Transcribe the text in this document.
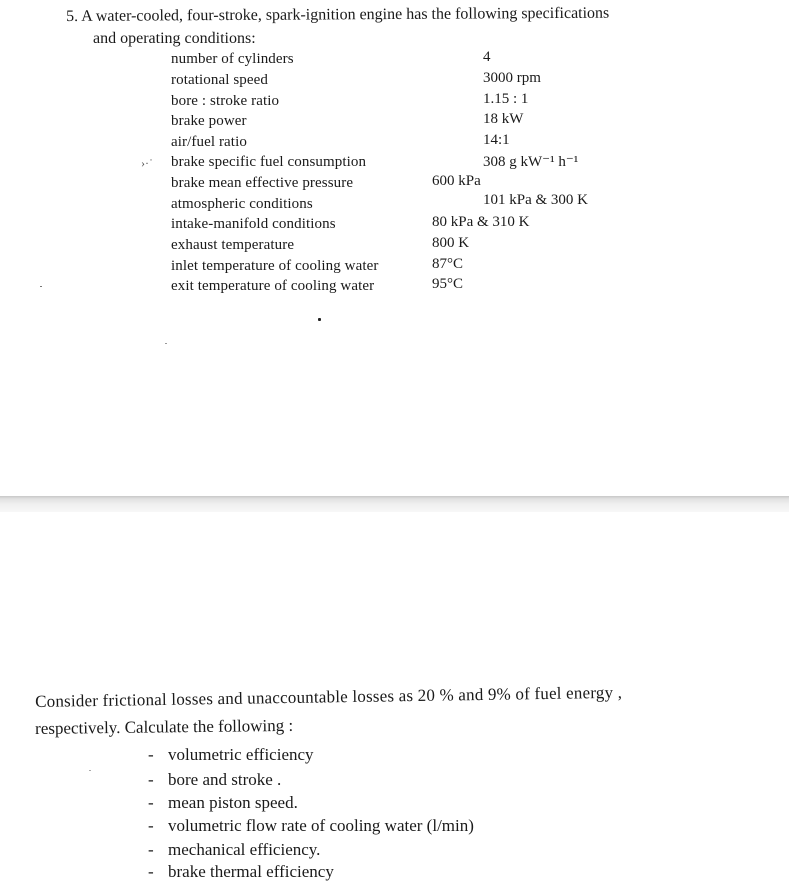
5. A water-cooled, four-stroke, spark-ignition engine has the following specifications
and operating conditions:
number of cylinders	4
rotational speed	3000 rpm
bore : stroke ratio	1.15 : 1
brake power	18 kW
air/fuel ratio	14:1
›·˙ brake specific fuel consumption	308 g kW⁻¹ h⁻¹
brake mean effective pressure	600 kPa
atmospheric conditions	101 kPa & 300 K
intake-manifold conditions	80 kPa & 310 K
exhaust temperature	800 K
inlet temperature of cooling water	87°C
exit temperature of cooling water	95°C
Consider frictional losses and unaccountable losses as 20 % and 9% of fuel energy ,
respectively. Calculate the following :
- volumetric efficiency
- bore and stroke .
- mean piston speed.
- volumetric flow rate of cooling water (l/min)
- mechanical efficiency.
- brake thermal efficiency
